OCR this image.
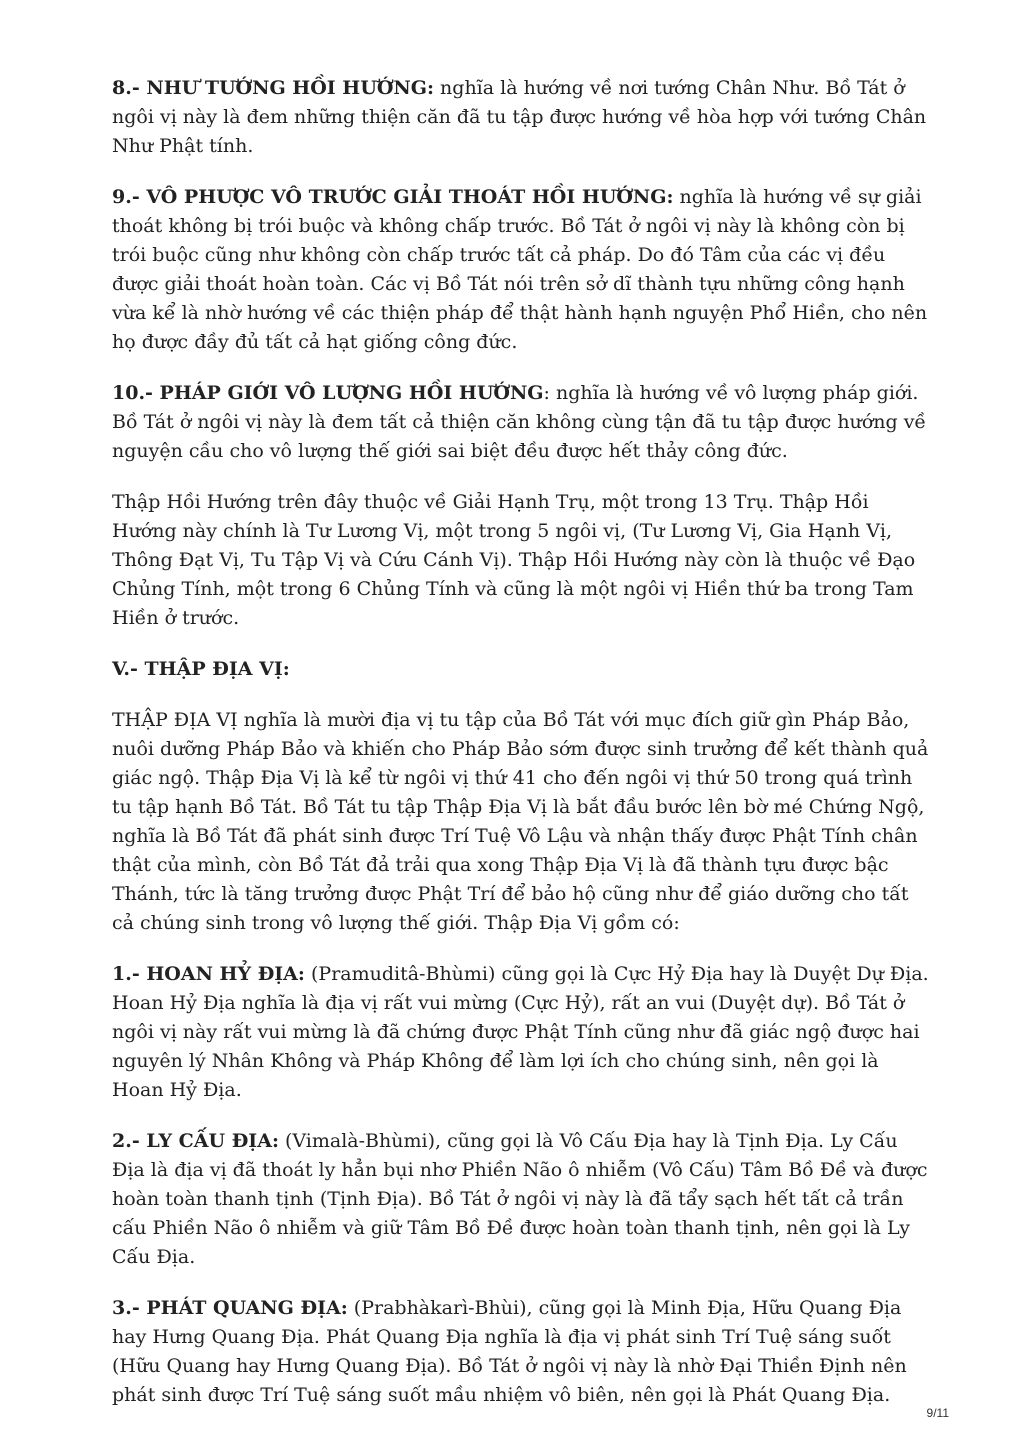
8.- NHƯ TƯỚNG HỒI HƯỚNG: nghĩa là hướng về nơi tướng Chân Như. Bồ Tát ở ngôi vị này là đem những thiện căn đã tu tập được hướng về hòa hợp với tướng Chân Như Phật tính.

9.- VÔ PHƯỢC VÔ TRƯỚC GIẢI THOÁT HỒI HƯỚNG: nghĩa là hướng về sự giải thoát không bị trói buộc và không chấp trước. Bồ Tát ở ngôi vị này là không còn bị trói buộc cũng như không còn chấp trước tất cả pháp. Do đó Tâm của các vị đều được giải thoát hoàn toàn. Các vị Bồ Tát nói trên sở dĩ thành tựu những công hạnh vừa kể là nhờ hướng về các thiện pháp để thật hành hạnh nguyện Phổ Hiền, cho nên họ được đầy đủ tất cả hạt giống công đức.

10.- PHÁP GIỚI VÔ LƯỢNG HỒI HƯỚNG: nghĩa là hướng về vô lượng pháp giới. Bồ Tát ở ngôi vị này là đem tất cả thiện căn không cùng tận đã tu tập được hướng về nguyện cầu cho vô lượng thế giới sai biệt đều được hết thảy công đức.

Thập Hồi Hướng trên đây thuộc về Giải Hạnh Trụ, một trong 13 Trụ. Thập Hồi Hướng này chính là Tư Lương Vị, một trong 5 ngôi vị, (Tư Lương Vị, Gia Hạnh Vị, Thông Đạt Vị, Tu Tập Vị và Cứu Cánh Vị). Thập Hồi Hướng này còn là thuộc về Đạo Chủng Tính, một trong 6 Chủng Tính và cũng là một ngôi vị Hiền thứ ba trong Tam Hiền ở trước.

V.- THẬP ĐỊA VỊ:

THẬP ĐỊA VỊ nghĩa là mười địa vị tu tập của Bồ Tát với mục đích giữ gìn Pháp Bảo, nuôi dưỡng Pháp Bảo và khiến cho Pháp Bảo sớm được sinh trưởng để kết thành quả giác ngộ. Thập Địa Vị là kể từ ngôi vị thứ 41 cho đến ngôi vị thứ 50 trong quá trình tu tập hạnh Bồ Tát. Bồ Tát tu tập Thập Địa Vị là bắt đầu bước lên bờ mé Chứng Ngộ, nghĩa là Bồ Tát đã phát sinh được Trí Tuệ Vô Lậu và nhận thấy được Phật Tính chân thật của mình, còn Bồ Tát đả trải qua xong Thập Địa Vị là đã thành tựu được bậc Thánh, tức là tăng trưởng được Phật Trí để bảo hộ cũng như để giáo dưỡng cho tất cả chúng sinh trong vô lượng thế giới. Thập Địa Vị gồm có:

1.- HOAN HỶ ĐỊA: (Pramuditâ-Bhùmi) cũng gọi là Cực Hỷ Địa hay là Duyệt Dự Địa. Hoan Hỷ Địa nghĩa là địa vị rất vui mừng (Cực Hỷ), rất an vui (Duyệt dự). Bồ Tát ở ngôi vị này rất vui mừng là đã chứng được Phật Tính cũng như đã giác ngộ được hai nguyên lý Nhân Không và Pháp Không để làm lợi ích cho chúng sinh, nên gọi là Hoan Hỷ Địa.

2.- LY CẤU ĐỊA: (Vimalà-Bhùmi), cũng gọi là Vô Cấu Địa hay là Tịnh Địa. Ly Cấu Địa là địa vị đã thoát ly hẳn bụi nhơ Phiền Não ô nhiễm (Vô Cấu) Tâm Bồ Đề và được hoàn toàn thanh tịnh (Tịnh Địa). Bồ Tát ở ngôi vị này là đã tẩy sạch hết tất cả trần cấu Phiền Não ô nhiễm và giữ Tâm Bồ Đề được hoàn toàn thanh tịnh, nên gọi là Ly Cấu Địa.

3.- PHÁT QUANG ĐỊA: (Prabhàkarì-Bhùi), cũng gọi là Minh Địa, Hữu Quang Địa hay Hưng Quang Địa. Phát Quang Địa nghĩa là địa vị phát sinh Trí Tuệ sáng suốt (Hữu Quang hay Hưng Quang Địa). Bồ Tát ở ngôi vị này là nhờ Đại Thiền Định nên phát sinh được Trí Tuệ sáng suốt mầu nhiệm vô biên, nên gọi là Phát Quang Địa.

9/11
